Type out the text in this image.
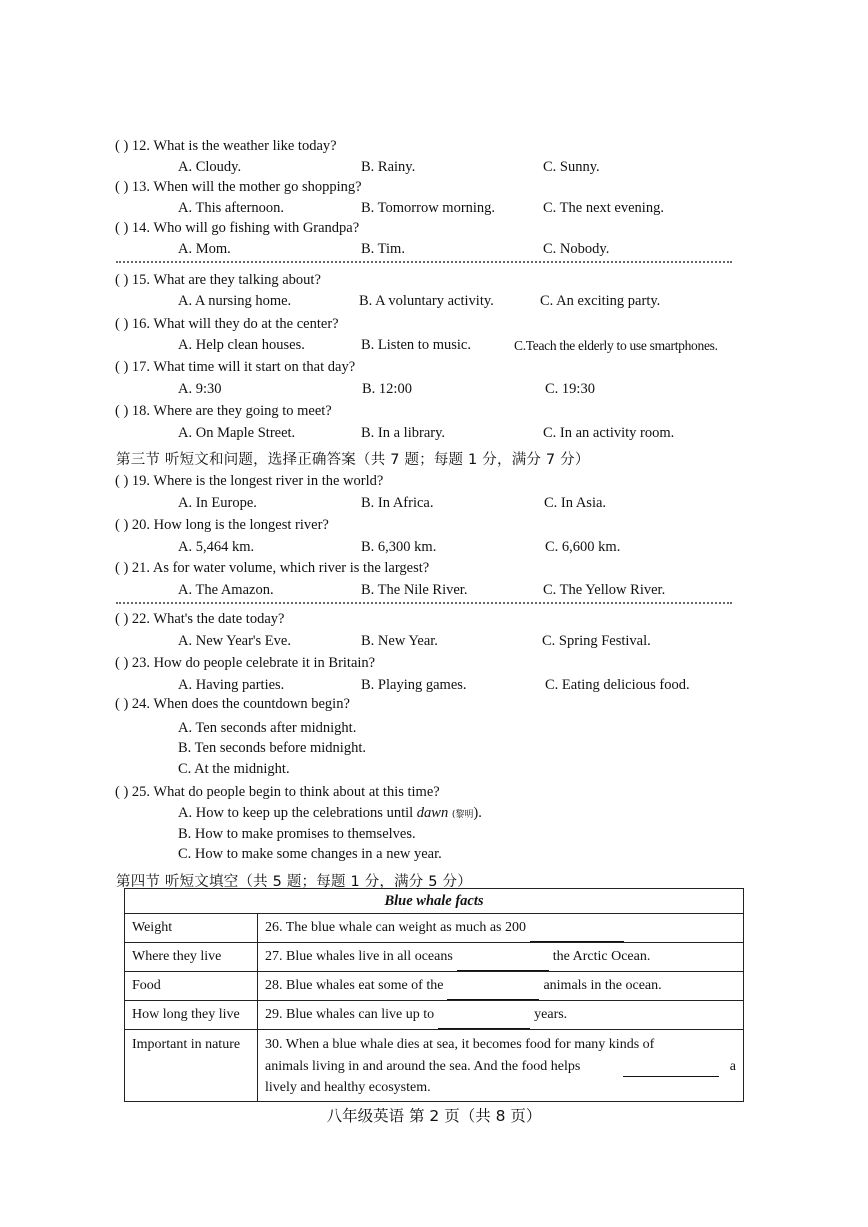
( ) 12. What is the weather like today?
A. Cloudy.	B. Rainy.	C. Sunny.
( ) 13. When will the mother go shopping?
A. This afternoon.	B. Tomorrow morning.	C. The next evening.
( ) 14. Who will go fishing with Grandpa?
A. Mom.	B. Tim.	C. Nobody.
( ) 15. What are they talking about?
A. A nursing home.	B. A voluntary activity.	C. An exciting party.
( ) 16. What will they do at the center?
A. Help clean houses.	B. Listen to music.	C.Teach the elderly to use smartphones.
( ) 17. What time will it start on that day?
A. 9:30	B. 12:00	C. 19:30
( ) 18. Where are they going to meet?
A. On Maple Street.	B. In a library.	C. In an activity room.
第三节 听短文和问题，选择正确答案（共 7 题；每题 1 分，满分 7 分）
( ) 19. Where is the longest river in the world?
A. In Europe.	B. In Africa.	C. In Asia.
( ) 20. How long is the longest river?
A. 5,464 km.	B. 6,300 km.	C. 6,600 km.
( ) 21. As for water volume, which river is the largest?
A. The Amazon.	B. The Nile River.	C. The Yellow River.
( ) 22. What's the date today?
A. New Year's Eve.	B. New Year.	C. Spring Festival.
( ) 23. How do people celebrate it in Britain?
A. Having parties.	B. Playing games.	C. Eating delicious food.
( ) 24. When does the countdown begin?
A. Ten seconds after midnight.
B. Ten seconds before midnight.
C. At the midnight.
( ) 25. What do people begin to think about at this time?
A. How to keep up the celebrations until dawn (黎明).
B. How to make promises to themselves.
C. How to make some changes in a new year.
第四节 听短文填空（共 5 题；每题 1 分，满分 5 分）
Blue whale facts	
Weight	26. The blue whale can weight as much as 200
Where they live	27. Blue whales live in all oceans the Arctic Ocean.
Food	28. Blue whales eat some of the animals in the ocean.
How long they live	29. Blue whales can live up to years.
Important in nature	30. When a blue whale dies at sea, it becomes food for many kinds of
animals living in and around the sea. And the food helps a
lively and healthy ecosystem.
八年级英语 第 2 页（共 8 页）
